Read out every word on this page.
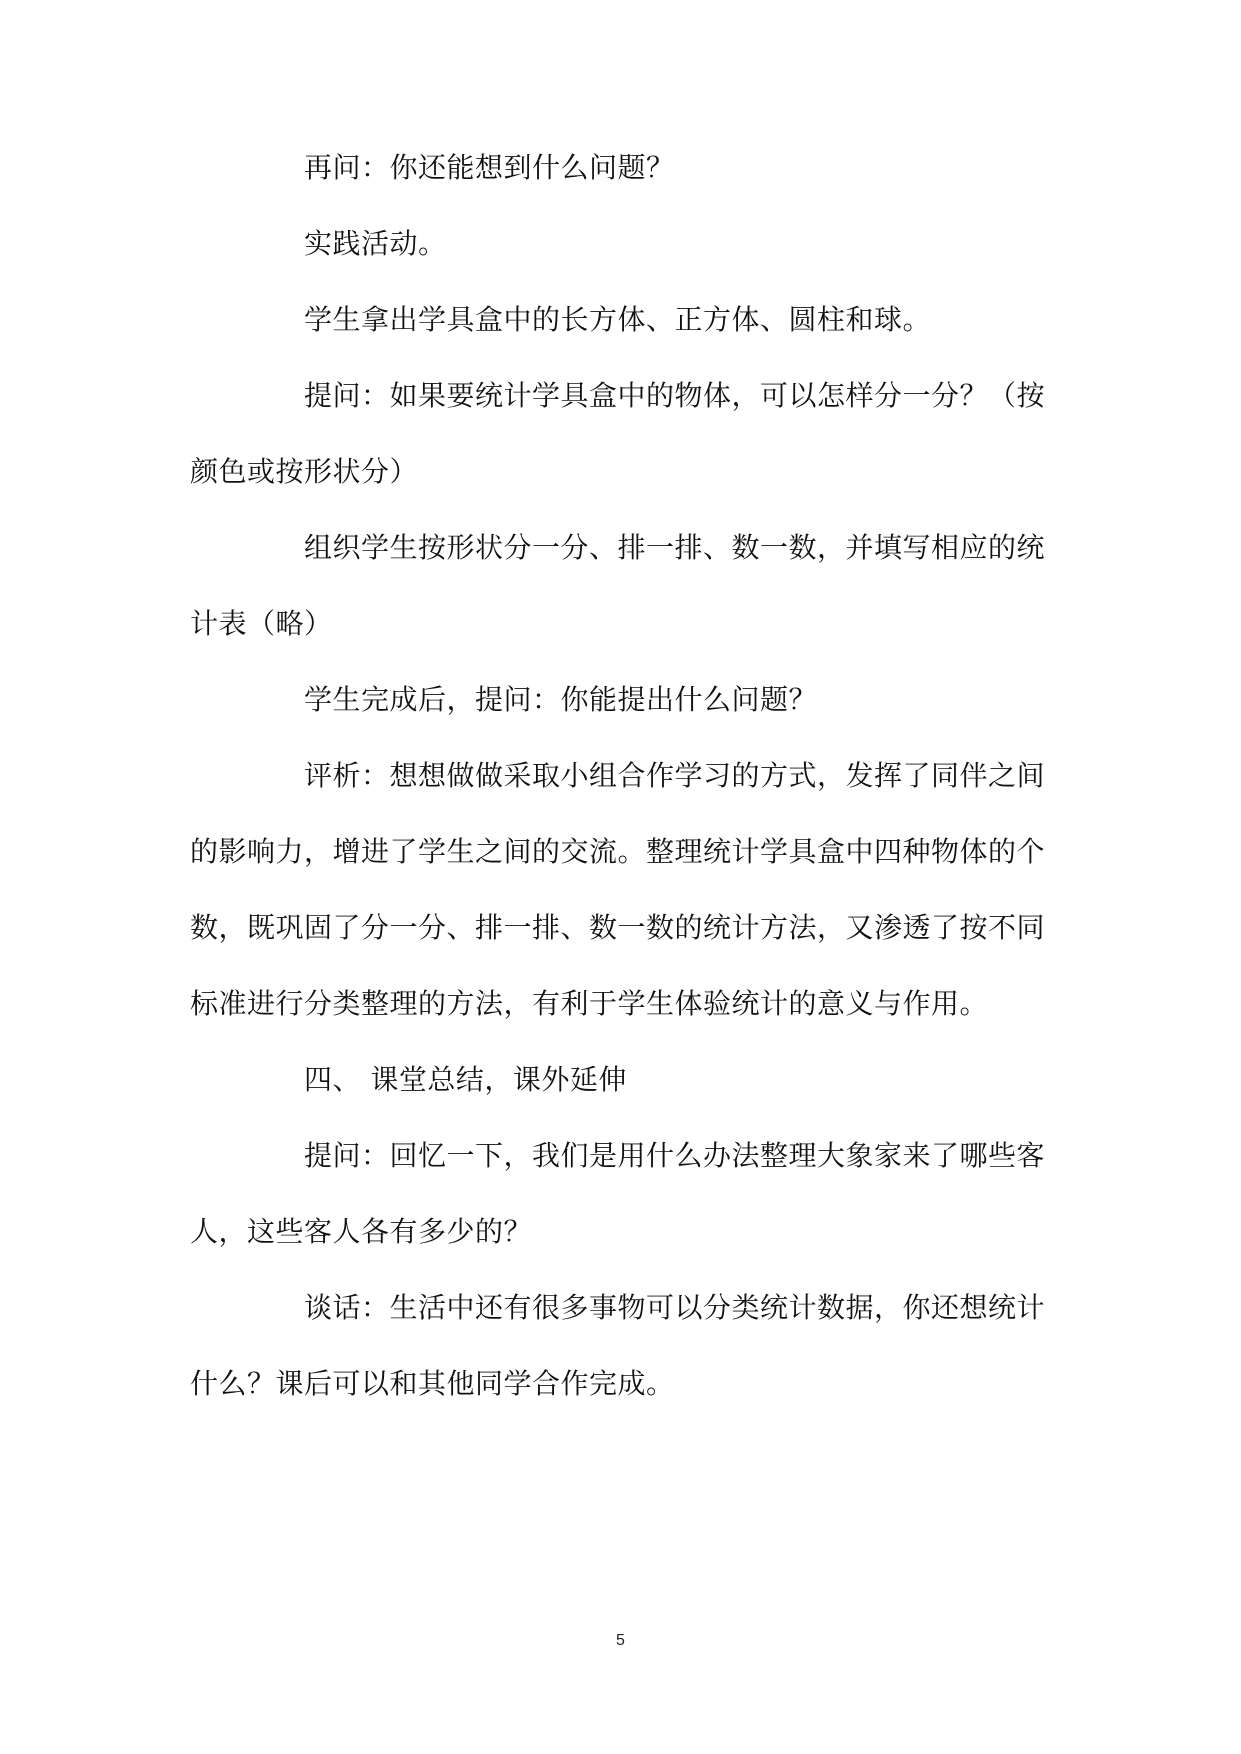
再问：你还能想到什么问题？
实践活动。
学生拿出学具盒中的长方体、正方体、圆柱和球。
提问：如果要统计学具盒中的物体，可以怎样分一分？（按
颜色或按形状分）
组织学生按形状分一分、排一排、数一数，并填写相应的统
计表（略）
学生完成后，提问：你能提出什么问题？
评析：想想做做采取小组合作学习的方式，发挥了同伴之间
的影响力，增进了学生之间的交流。整理统计学具盒中四种物体的个
数，既巩固了分一分、排一排、数一数的统计方法，又渗透了按不同
标准进行分类整理的方法，有利于学生体验统计的意义与作用。
四、 课堂总结，课外延伸
提问：回忆一下，我们是用什么办法整理大象家来了哪些客
人，这些客人各有多少的？
谈话：生活中还有很多事物可以分类统计数据，你还想统计
什么？课后可以和其他同学合作完成。
5
